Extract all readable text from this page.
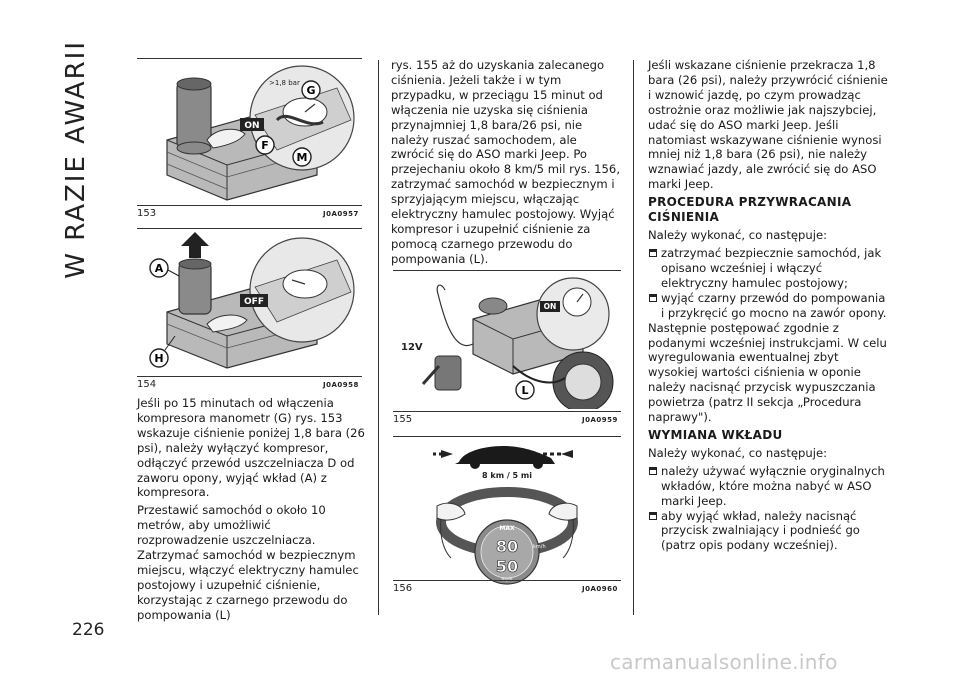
W RAZIE AWARII
226
ON
>1,8 bar
G
F
M
153	J0A0957
OFF
A
H
154	J0A0958

Jeśli po 15 minutach od włączenia kompresora manometr (G) rys. 153 wskazuje ciśnienie poniżej 1,8 bara (26 psi), należy wyłączyć kompresor, odłączyć przewód uszczelniacza D od zaworu opony, wyjąć wkład (A) z kompresora.

Przestawić samochód o około 10 metrów, aby umożliwić rozprowadzenie uszczelniacza. Zatrzymać samochód w bezpiecznym miejscu, włączyć elektryczny hamulec postojowy i uzupełnić ciśnienie, korzystając z czarnego przewodu do pompowania (L)

rys. 155 aż do uzyskania zalecanego ciśnienia. Jeżeli także i w tym przypadku, w przeciągu 15 minut od włączenia nie uzyska się ciśnienia przynajmniej 1,8 bara/26 psi, nie należy ruszać samochodem, ale zwrócić się do ASO marki Jeep. Po przejechaniu około 8 km/5 mil rys. 156, zatrzymać samochód w bezpiecznym i sprzyjającym miejscu, włączając elektryczny hamulec postojowy. Wyjąć kompresor i uzupełnić ciśnienie za pomocą czarnego przewodu do pompowania (L).

ON
12V
L
155	J0A0959
8 km / 5 mi
MAX
80
50
km/h
156	J0A0960

Jeśli wskazane ciśnienie przekracza 1,8 bara (26 psi), należy przywrócić ciśnienie i wznowić jazdę, po czym prowadząc ostrożnie oraz możliwie jak najszybciej, udać się do ASO marki Jeep. Jeśli natomiast wskazywane ciśnienie wynosi mniej niż 1,8 bara (26 psi), nie należy wznawiać jazdy, ale zwrócić się do ASO marki Jeep.

PROCEDURA PRZYWRACANIA CIŚNIENIA

Należy wykonać, co następuje:

zatrzymać bezpiecznie samochód, jak opisano wcześniej i włączyć elektryczny hamulec postojowy;
wyjąć czarny przewód do pompowania i przykręcić go mocno na zawór opony.

Następnie postępować zgodnie z podanymi wcześniej instrukcjami. W celu wyregulowania ewentualnej zbyt wysokiej wartości ciśnienia w oponie należy nacisnąć przycisk wypuszczania powietrza (patrz II sekcja „Procedura naprawy").

WYMIANA WKŁADU

Należy wykonać, co następuje:

należy używać wyłącznie oryginalnych wkładów, które można nabyć w ASO marki Jeep.
aby wyjąć wkład, należy nacisnąć przycisk zwalniający i podnieść go (patrz opis podany wcześniej).
carmanualsonline.info
